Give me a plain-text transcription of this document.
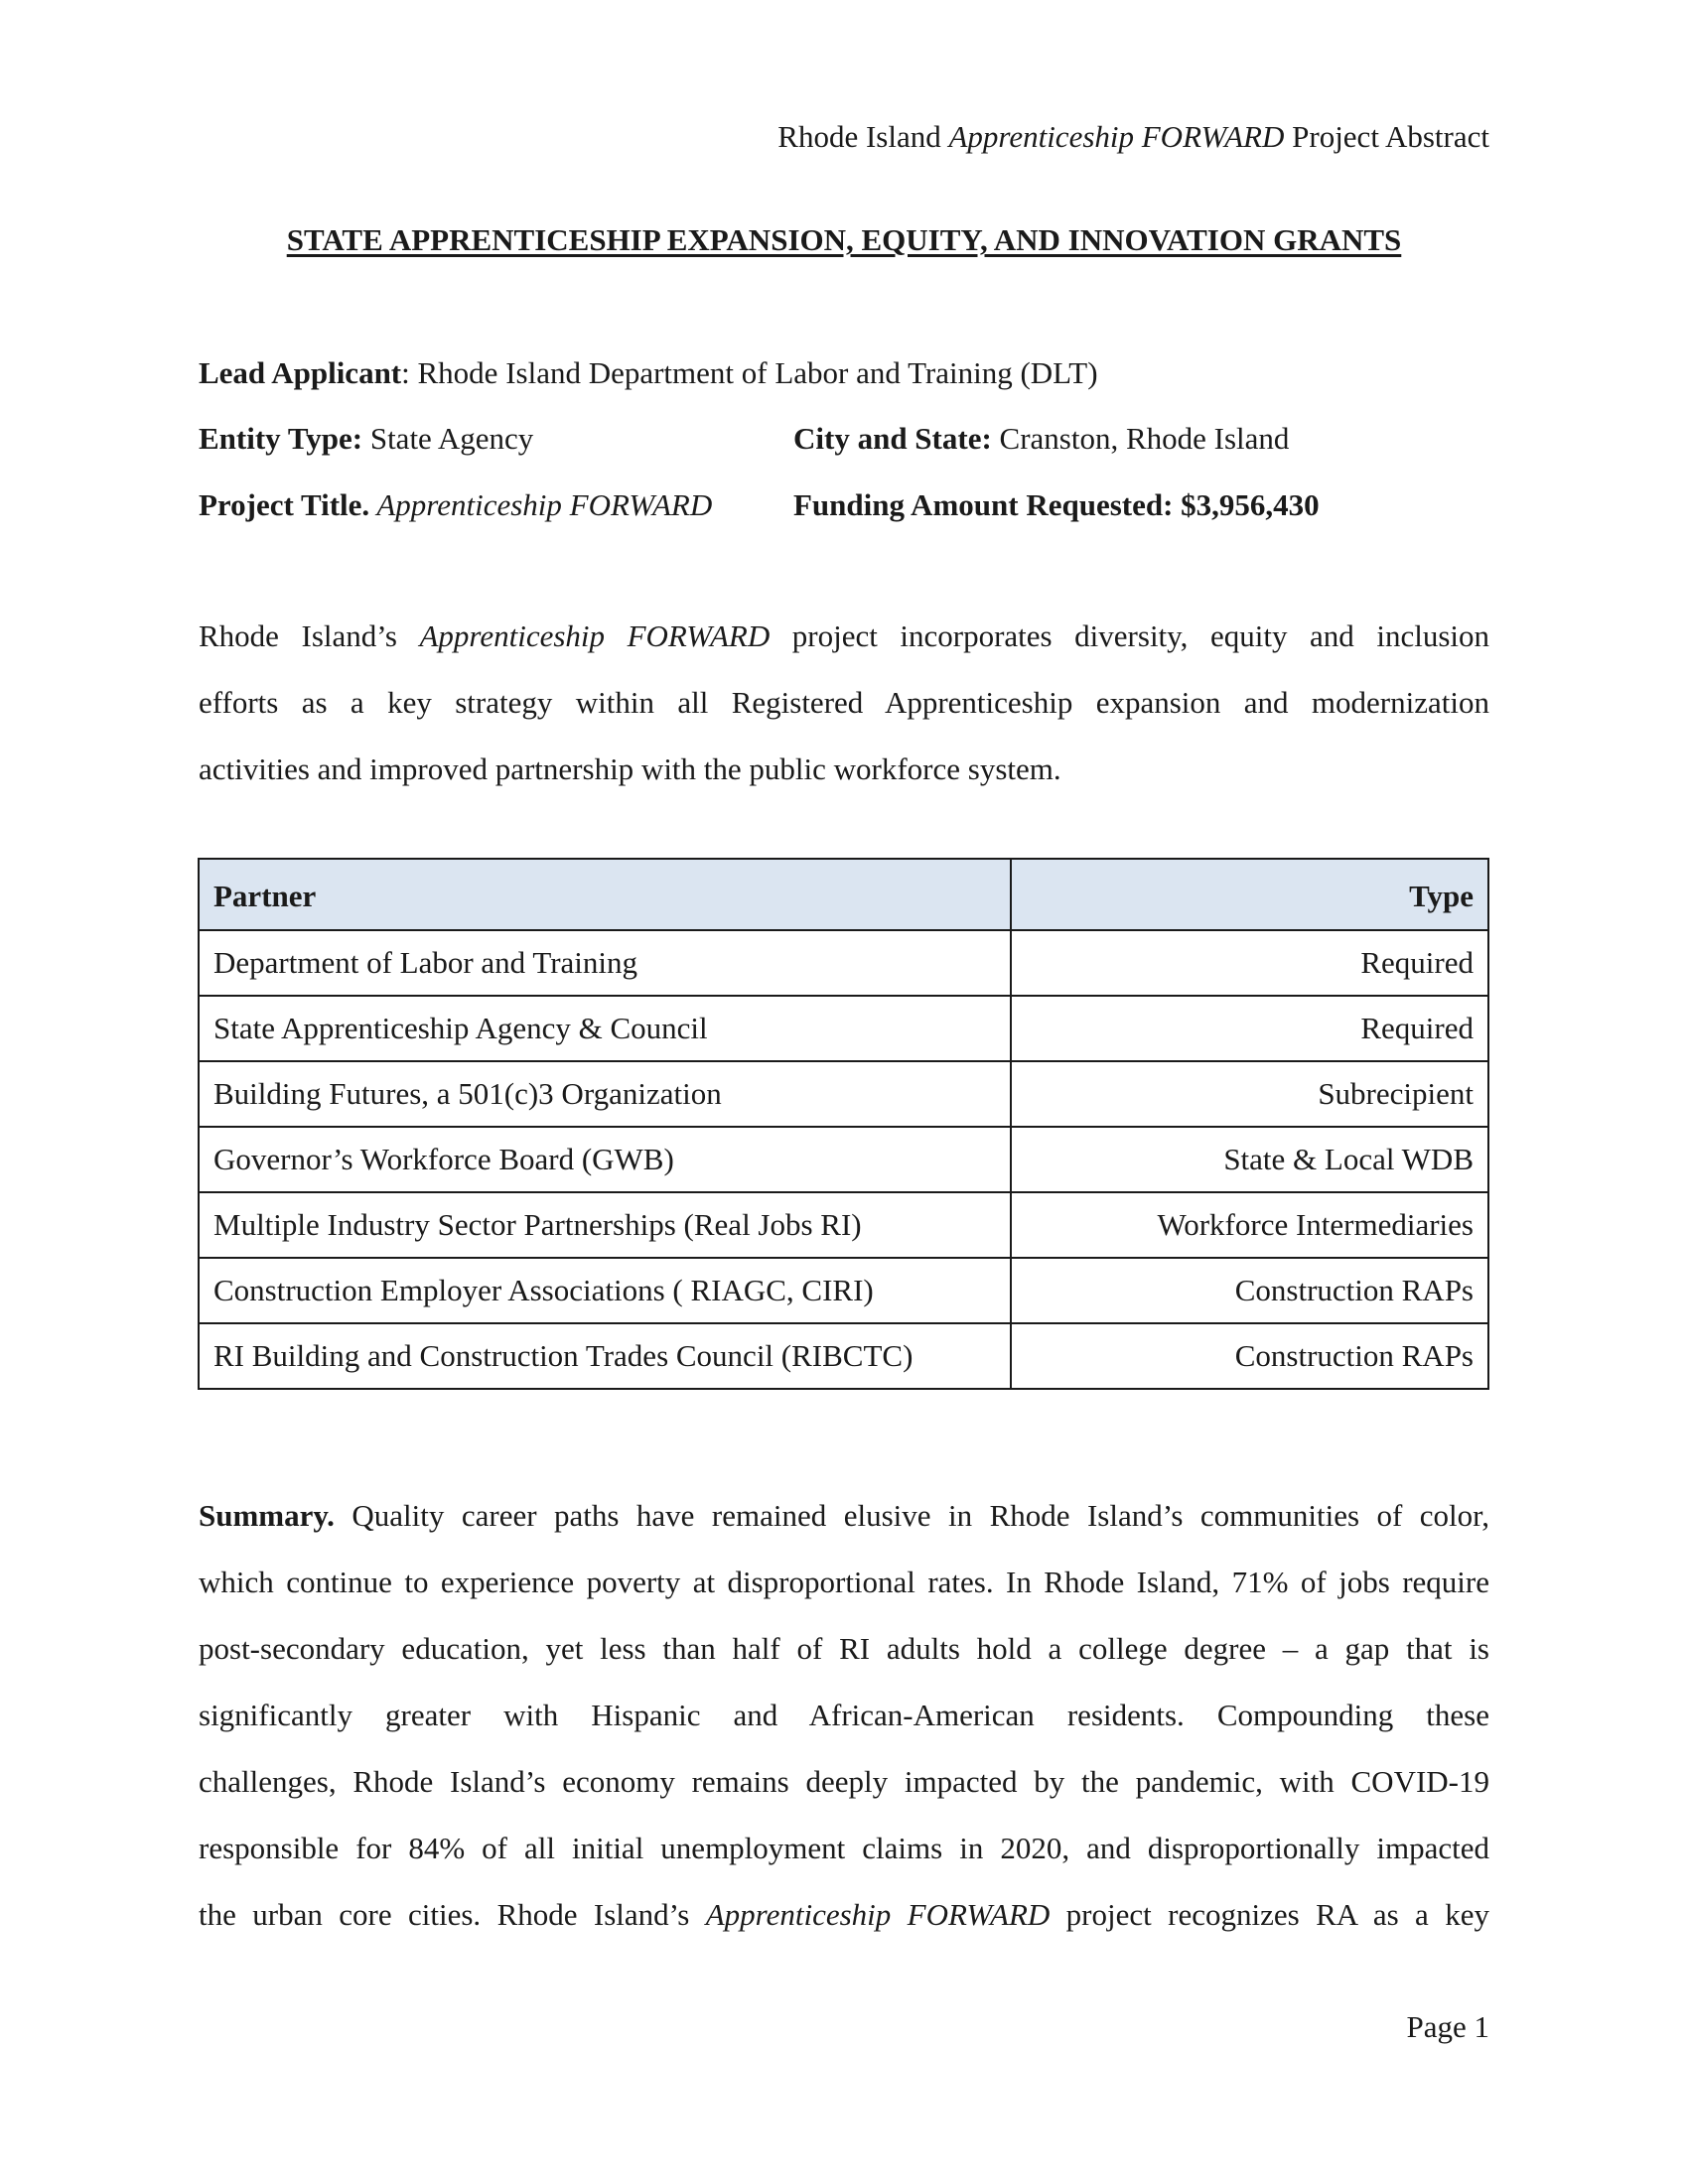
Rhode Island Apprenticeship FORWARD Project Abstract
STATE APPRENTICESHIP EXPANSION, EQUITY, AND INNOVATION GRANTS
Lead Applicant: Rhode Island Department of Labor and Training (DLT)
Entity Type: State Agency	City and State: Cranston, Rhode Island
Project Title. Apprenticeship FORWARD	Funding Amount Requested: $3,956,430
Rhode Island’s Apprenticeship FORWARD project incorporates diversity, equity and inclusion
efforts as a key strategy within all Registered Apprenticeship expansion and modernization
activities and improved partnership with the public workforce system.
Partner	Type
Department of Labor and Training	Required
State Apprenticeship Agency & Council	Required
Building Futures, a 501(c)3 Organization	Subrecipient
Governor’s Workforce Board (GWB)	State & Local WDB
Multiple Industry Sector Partnerships (Real Jobs RI)	Workforce Intermediaries
Construction Employer Associations ( RIAGC, CIRI)	Construction RAPs
RI Building and Construction Trades Council (RIBCTC)	Construction RAPs
Summary. Quality career paths have remained elusive in Rhode Island’s communities of color,
which continue to experience poverty at disproportional rates. In Rhode Island, 71% of jobs require
post-secondary education, yet less than half of RI adults hold a college degree – a gap that is
significantly greater with Hispanic and African-American residents. Compounding these
challenges, Rhode Island’s economy remains deeply impacted by the pandemic, with COVID-19
responsible for 84% of all initial unemployment claims in 2020, and disproportionally impacted
the urban core cities. Rhode Island’s Apprenticeship FORWARD project recognizes RA as a key
Page 1
